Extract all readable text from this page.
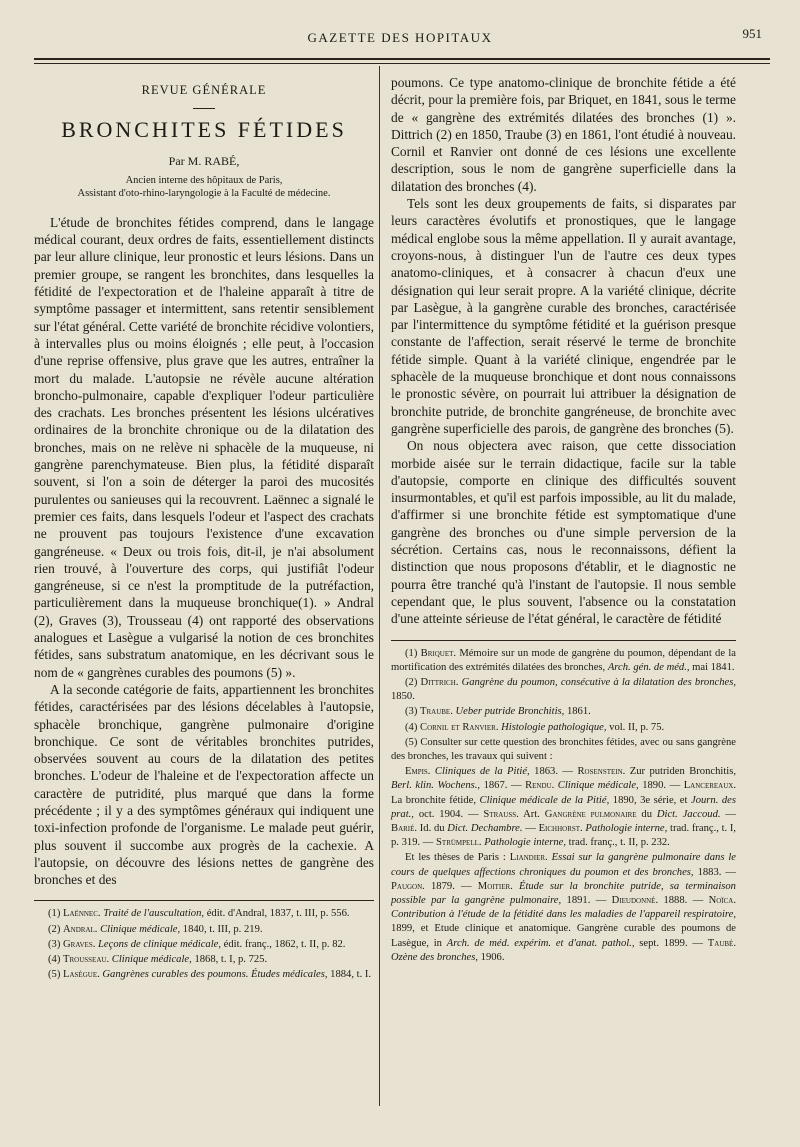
GAZETTE DES HOPITAUX	951
REVUE GÉNÉRALE
BRONCHITES FÉTIDES
Par M. RABÉ,
Ancien interne des hôpitaux de Paris,
Assistant d'oto-rhino-laryngologie à la Faculté de médecine.

L'étude de bronchites fétides comprend, dans le langage médical courant, deux ordres de faits, essentiellement distincts par leur allure clinique, leur pronostic et leurs lésions. Dans un premier groupe, se rangent les bronchites, dans lesquelles la fétidité de l'expectoration et de l'haleine apparaît à titre de symptôme passager et intermittent, sans retentir sensiblement sur l'état général. Cette variété de bronchite récidive volontiers, à intervalles plus ou moins éloignés ; elle peut, à l'occasion d'une reprise offensive, plus grave que les autres, entraîner la mort du malade. L'autopsie ne révèle aucune altération broncho-pulmonaire, capable d'expliquer l'odeur particulière des crachats. Les bronches présentent les lésions ulcératives ordinaires de la bronchite chronique ou de la dilatation des bronches, mais on ne relève ni sphacèle de la muqueuse, ni gangrène parenchymateuse. Bien plus, la fétidité disparaît souvent, si l'on a soin de déterger la paroi des mucosités purulentes ou sanieuses qui la recouvrent. Laënnec a signalé le premier ces faits, dans lesquels l'odeur et l'aspect des crachats ne prouvent pas toujours l'existence d'une excavation gangréneuse. « Deux ou trois fois, dit-il, je n'ai absolument rien trouvé, à l'ouverture des corps, qui justifiât l'odeur gangréneuse, si ce n'est la promptitude de la putréfaction, particulièrement dans la muqueuse bronchique(1). » Andral (2), Graves (3), Trousseau (4) ont rapporté des observations analogues et Lasègue a vulgarisé la notion de ces bronchites fétides, sans substratum anatomique, en les décrivant sous le nom de « gangrènes curables des poumons (5) ».

A la seconde catégorie de faits, appartiennent les bronchites fétides, caractérisées par des lésions décelables à l'autopsie, sphacèle bronchique, gangrène pulmonaire d'origine bronchique. Ce sont de véritables bronchites putrides, observées souvent au cours de la dilatation des petites bronches. L'odeur de l'haleine et de l'expectoration affecte un caractère de putridité, plus marqué que dans la forme précédente ; il y a des symptômes généraux qui indiquent une toxi-infection profonde de l'organisme. Le malade peut guérir, plus souvent il succombe aux progrès de la cachexie. A l'autopsie, on découvre des lésions nettes de gangrène des bronches et des

(1) Laënnec. Traité de l'auscultation, édit. d'Andral, 1837, t. III, p. 556.
(2) Andral. Clinique médicale, 1840, t. III, p. 219.
(3) Graves. Leçons de clinique médicale, édit. franç., 1862, t. II, p. 82.
(4) Trousseau. Clinique médicale, 1868, t. I, p. 725.
(5) Lasègue. Gangrènes curables des poumons. Études médicales, 1884, t. I.

poumons. Ce type anatomo-clinique de bronchite fétide a été décrit, pour la première fois, par Briquet, en 1841, sous le terme de « gangrène des extrémités dilatées des bronches (1) ». Dittrich (2) en 1850, Traube (3) en 1861, l'ont étudié à nouveau. Cornil et Ranvier ont donné de ces lésions une excellente description, sous le nom de gangrène superficielle dans la dilatation des bronches (4).

Tels sont les deux groupements de faits, si disparates par leurs caractères évolutifs et pronostiques, que le langage médical englobe sous la même appellation. Il y aurait avantage, croyons-nous, à distinguer l'un de l'autre ces deux types anatomo-cliniques, et à consacrer à chacun d'eux une désignation qui leur serait propre. A la variété clinique, décrite par Lasègue, à la gangrène curable des bronches, caractérisée par l'intermittence du symptôme fétidité et la guérison presque constante de l'affection, serait réservé le terme de bronchite fétide simple. Quant à la variété clinique, engendrée par le sphacèle de la muqueuse bronchique et dont nous connaissons le pronostic sévère, on pourrait lui attribuer la désignation de bronchite putride, de bronchite gangréneuse, de bronchite avec gangrène superficielle des parois, de gangrène des bronches (5).

On nous objectera avec raison, que cette dissociation morbide aisée sur le terrain didactique, facile sur la table d'autopsie, comporte en clinique des difficultés souvent insurmontables, et qu'il est parfois impossible, au lit du malade, d'affirmer si une bronchite fétide est symptomatique d'une gangrène des bronches ou d'une simple perversion de la sécrétion. Certains cas, nous le reconnaissons, défient la distinction que nous proposons d'établir, et le diagnostic ne pourra être tranché qu'à l'instant de l'autopsie. Il nous semble cependant que, le plus souvent, l'absence ou la constatation d'une atteinte sérieuse de l'état général, le caractère de fétidité

(1) Briquet. Mémoire sur un mode de gangrène du poumon, dépendant de la mortification des extrémités dilatées des bronches, Arch. gén. de méd., mai 1841.
(2) Dittrich. Gangrène du poumon, consécutive à la dilatation des bronches, 1850.
(3) Traube. Ueber putride Bronchitis, 1861.
(4) Cornil et Ranvier. Histologie pathologique, vol. II, p. 75.
(5) Consulter sur cette question des bronchites fétides, avec ou sans gangrène des bronches, les travaux qui suivent :
Empis. Cliniques de la Pitié, 1863. — Rosenstein. Zur putriden Bronchitis, Berl. klin. Wochens., 1867. — Rendu. Clinique médicale, 1890. — Lancereaux. La bronchite fétide, Clinique médicale de la Pitié, 1890, 3e série, et Journ. des prat., oct. 1904. — Strauss. Art. Gangrène pulmonaire du Dict. Jaccoud. — Barié. Id. du Dict. Dechambre. — Eichhorst. Pathologie interne, trad. franç., t. I, p. 319. — Strümpell. Pathologie interne, trad. franç., t. II, p. 232.
Et les thèses de Paris : Liandier. Essai sur la gangrène pulmonaire dans le cours de quelques affections chroniques du poumon et des bronches, 1883. — Paugon. 1879. — Moitier. Étude sur la bronchite putride, sa terminaison possible par la gangrène pulmonaire, 1891. — Dieudonné. 1888. — Noïca. Contribution à l'étude de la fétidité dans les maladies de l'appareil respiratoire, 1899, et Etude clinique et anatomique. Gangrène curable des poumons de Lasègue, in Arch. de méd. expérim. et d'anat. pathol., sept. 1899. — Taubé. Ozène des bronches, 1906.
